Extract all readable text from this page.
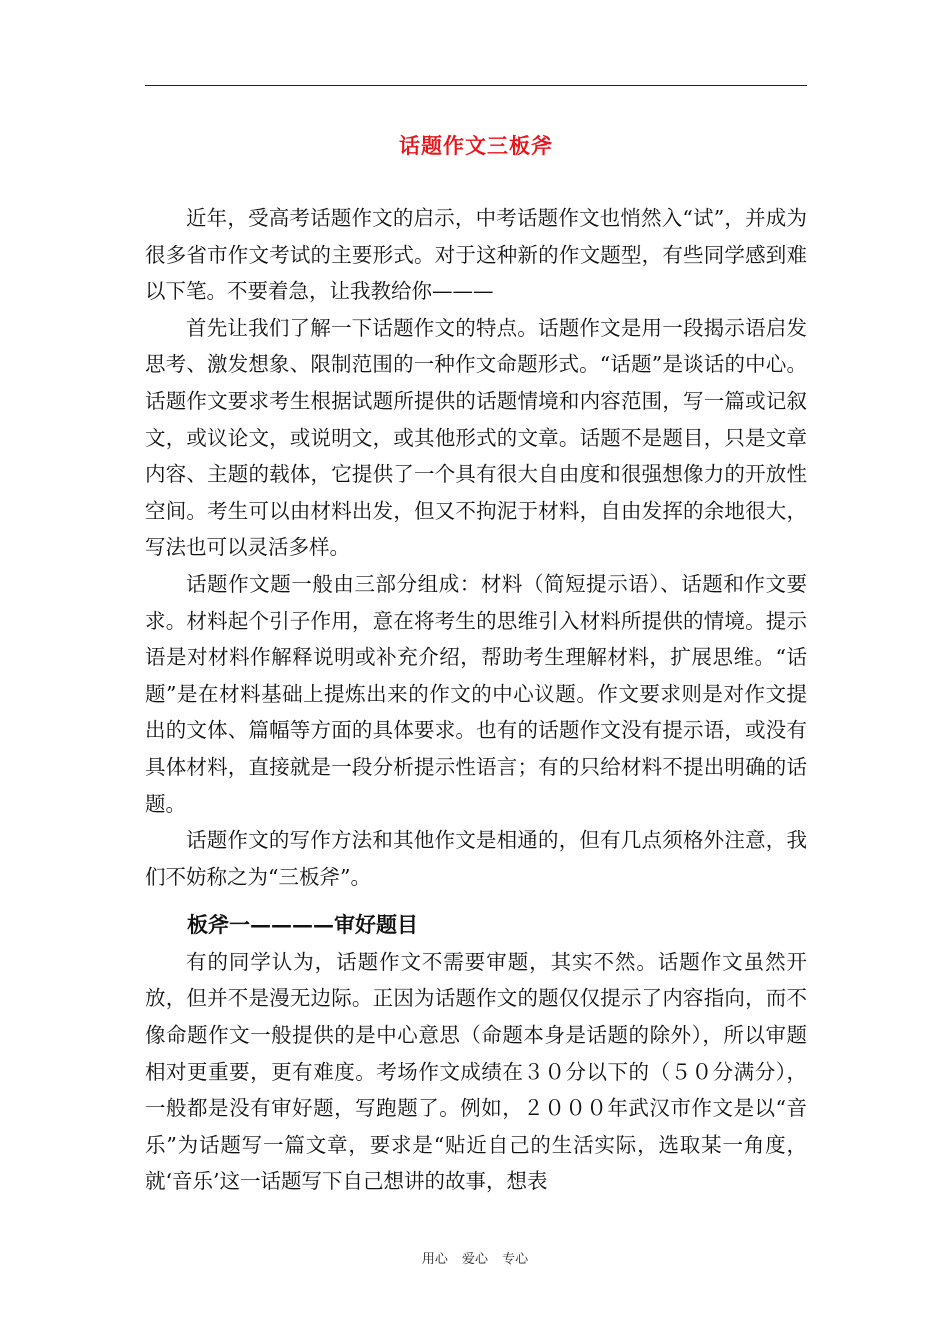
话题作文三板斧

近年，受高考话题作文的启示，中考话题作文也悄然入“试”，并成为很多省市作文考试的主要形式。对于这种新的作文题型，有些同学感到难以下笔。不要着急，让我教给你———

首先让我们了解一下话题作文的特点。话题作文是用一段揭示语启发思考、激发想象、限制范围的一种作文命题形式。“话题”是谈话的中心。话题作文要求考生根据试题所提供的话题情境和内容范围，写一篇或记叙文，或议论文，或说明文，或其他形式的文章。话题不是题目，只是文章内容、主题的载体，它提供了一个具有很大自由度和很强想像力的开放性空间。考生可以由材料出发，但又不拘泥于材料，自由发挥的余地很大，写法也可以灵活多样。

话题作文题一般由三部分组成：材料（简短提示语）、话题和作文要求。材料起个引子作用，意在将考生的思维引入材料所提供的情境。提示语是对材料作解释说明或补充介绍，帮助考生理解材料，扩展思维。“话题”是在材料基础上提炼出来的作文的中心议题。作文要求则是对作文提出的文体、篇幅等方面的具体要求。也有的话题作文没有提示语，或没有具体材料，直接就是一段分析提示性语言；有的只给材料不提出明确的话题。

话题作文的写作方法和其他作文是相通的，但有几点须格外注意，我们不妨称之为“三板斧”。

板斧一————审好题目

有的同学认为，话题作文不需要审题，其实不然。话题作文虽然开放，但并不是漫无边际。正因为话题作文的题仅仅提示了内容指向，而不像命题作文一般提供的是中心意思（命题本身是话题的除外），所以审题相对更重要，更有难度。考场作文成绩在３０分以下的（５０分满分），一般都是没有审好题，写跑题了。例如，２０００年武汉市作文是以“音乐”为话题写一篇文章，要求是“贴近自己的生活实际，选取某一角度，就‘音乐’这一话题写下自己想讲的故事，想表

用心 爱心 专心
